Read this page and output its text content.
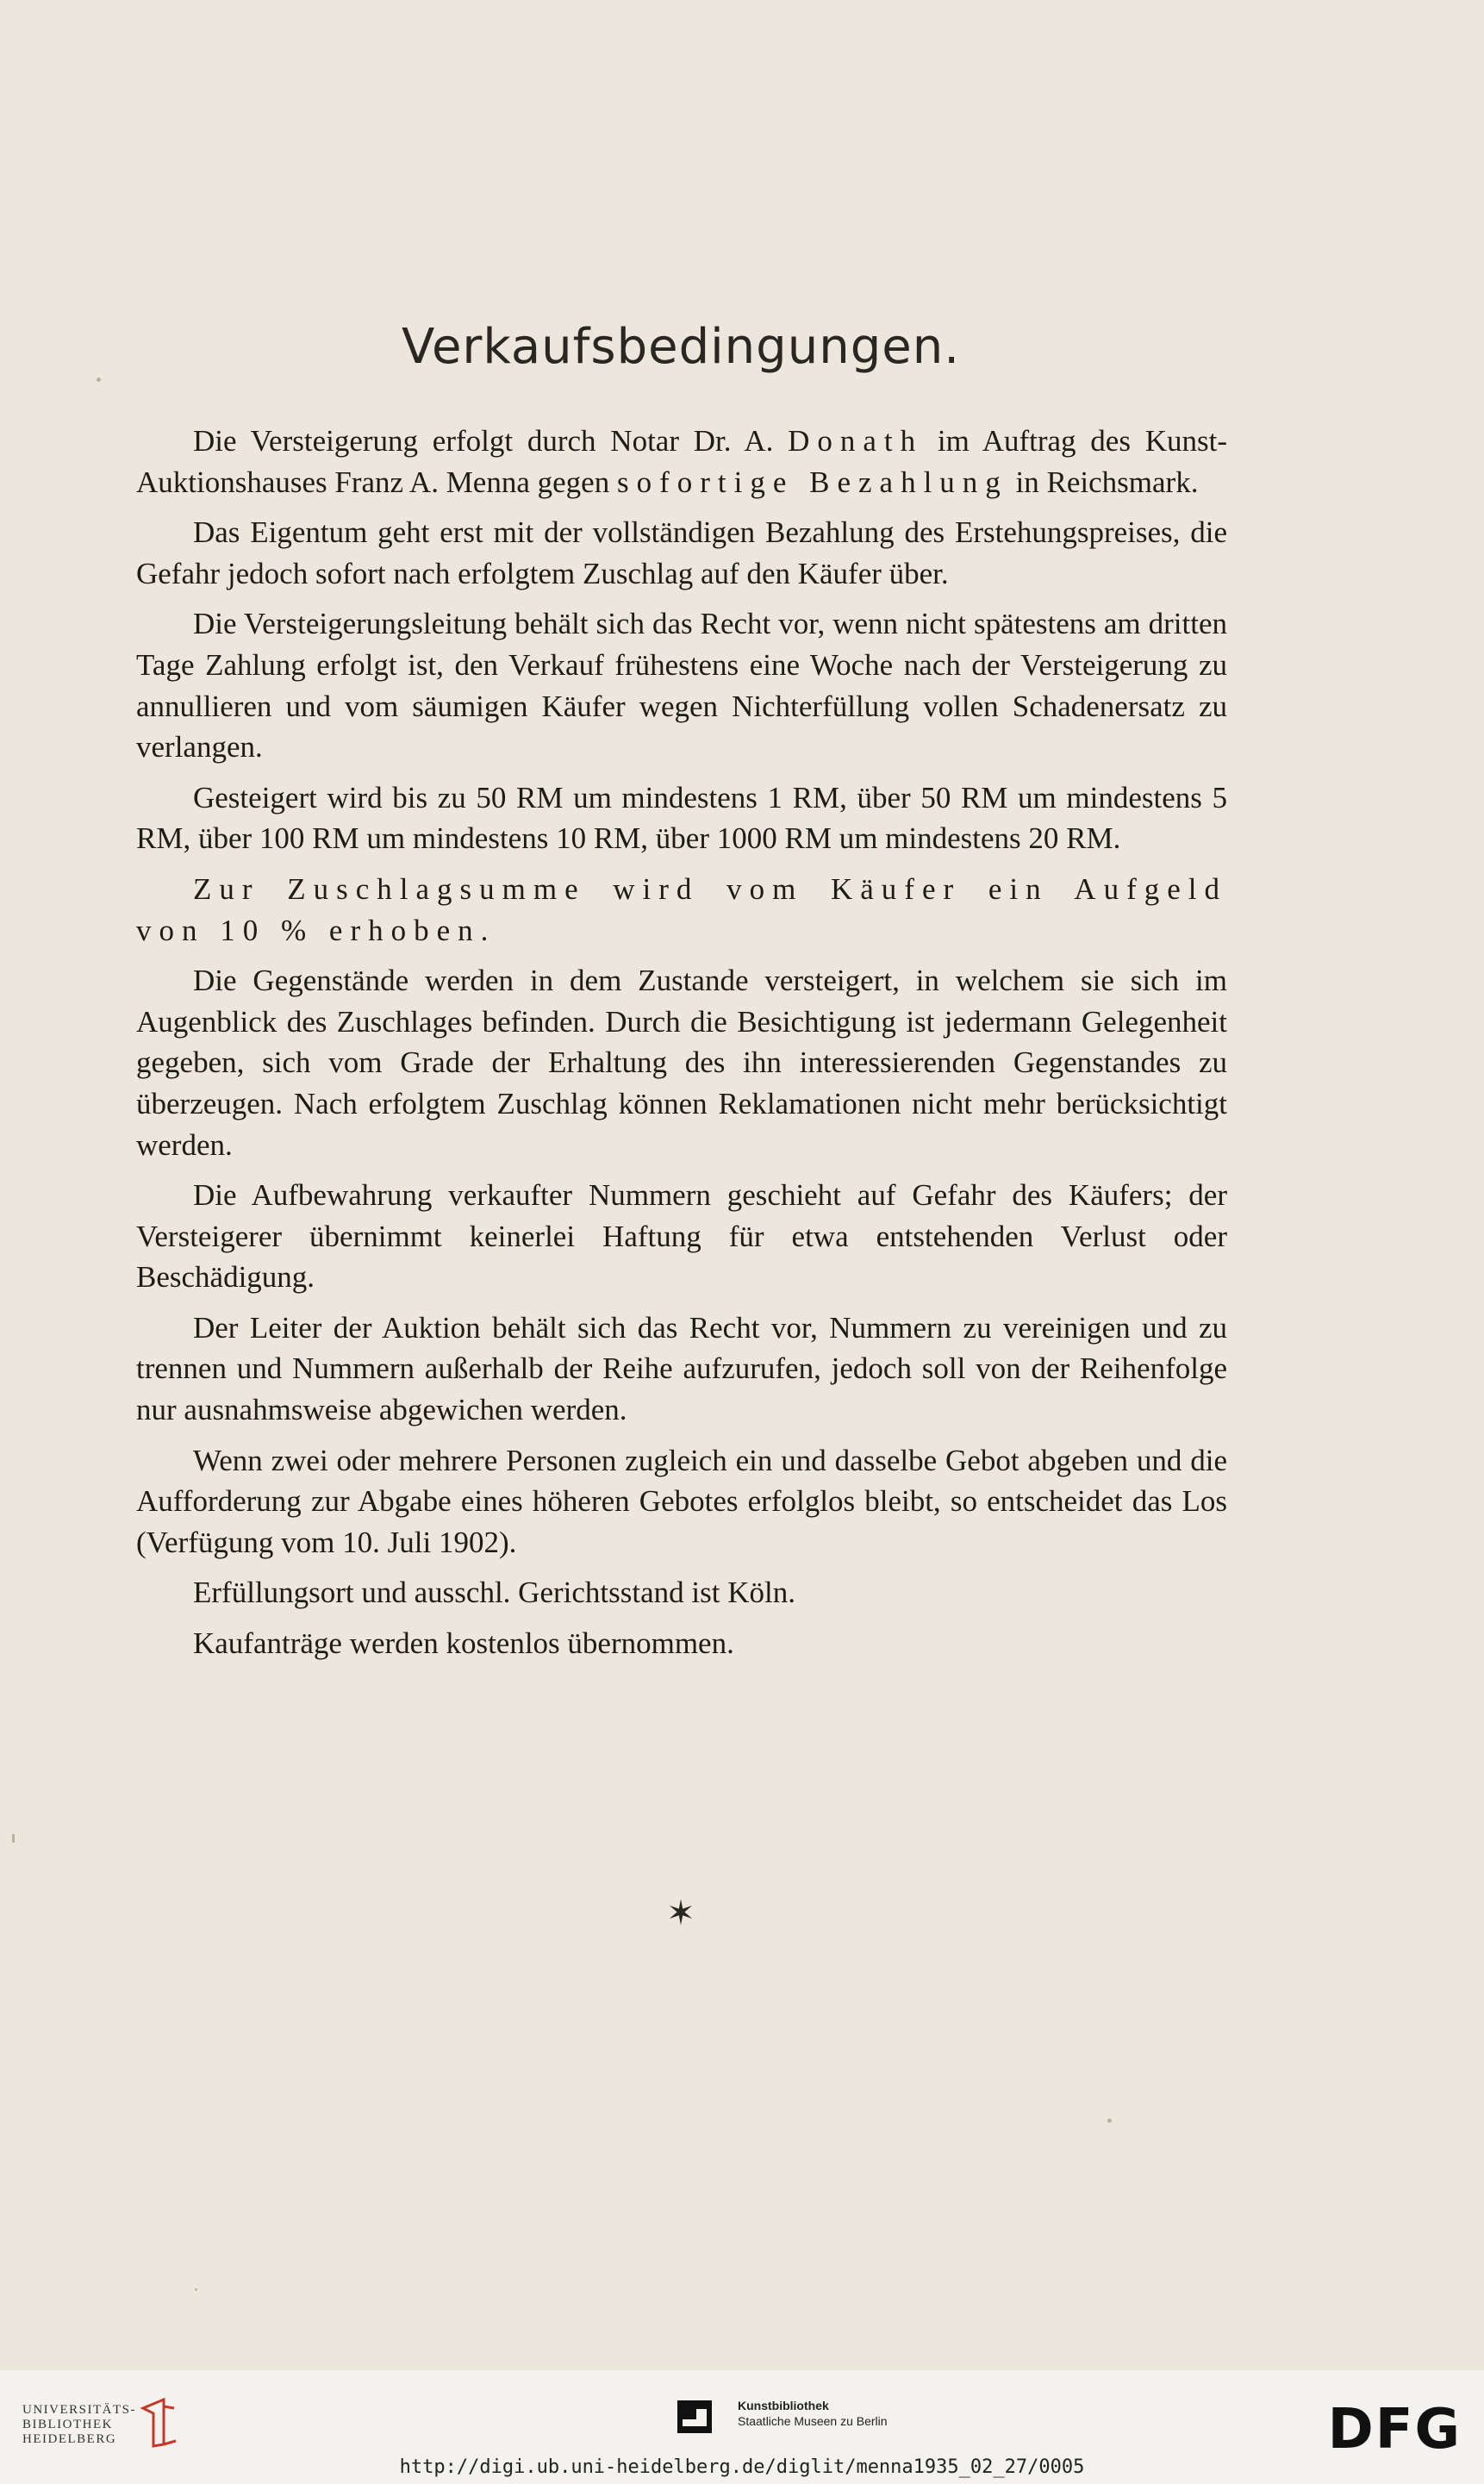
Verkaufsbedingungen.

Die Versteigerung erfolgt durch Notar Dr. A. Donath im Auftrag des Kunst-Auktionshauses Franz A. Menna gegen sofortige Bezahlung in Reichsmark.

Das Eigentum geht erst mit der vollständigen Bezahlung des Erstehungspreises, die Gefahr jedoch sofort nach erfolgtem Zuschlag auf den Käufer über.

Die Versteigerungsleitung behält sich das Recht vor, wenn nicht spätestens am dritten Tage Zahlung erfolgt ist, den Verkauf frühestens eine Woche nach der Versteigerung zu annullieren und vom säumigen Käufer wegen Nichterfüllung vollen Schadenersatz zu verlangen.

Gesteigert wird bis zu 50 RM um mindestens 1 RM, über 50 RM um mindestens 5 RM, über 100 RM um mindestens 10 RM, über 1000 RM um mindestens 20 RM.

Zur Zuschlagsumme wird vom Käufer ein Aufgeld von 10 % erhoben.

Die Gegenstände werden in dem Zustande versteigert, in welchem sie sich im Augenblick des Zuschlages befinden. Durch die Besichtigung ist jedermann Gelegenheit gegeben, sich vom Grade der Erhaltung des ihn interessierenden Gegenstandes zu überzeugen. Nach erfolgtem Zuschlag können Reklamationen nicht mehr berücksichtigt werden.

Die Aufbewahrung verkaufter Nummern geschieht auf Gefahr des Käufers; der Versteigerer übernimmt keinerlei Haftung für etwa entstehenden Verlust oder Beschädigung.

Der Leiter der Auktion behält sich das Recht vor, Nummern zu vereinigen und zu trennen und Nummern außerhalb der Reihe aufzurufen, jedoch soll von der Reihenfolge nur ausnahmsweise abgewichen werden.

Wenn zwei oder mehrere Personen zugleich ein und dasselbe Gebot abgeben und die Aufforderung zur Abgabe eines höheren Gebotes erfolglos bleibt, so entscheidet das Los (Verfügung vom 10. Juli 1902).

Erfüllungsort und ausschl. Gerichtsstand ist Köln.

Kaufanträge werden kostenlos übernommen.

✶
UNIVERSITÄTS-
BIBLIOTHEK
HEIDELBERG
Kunstbibliothek
Staatliche Museen zu Berlin	DFG
http://digi.ub.uni-heidelberg.de/diglit/menna1935_02_27/0005
